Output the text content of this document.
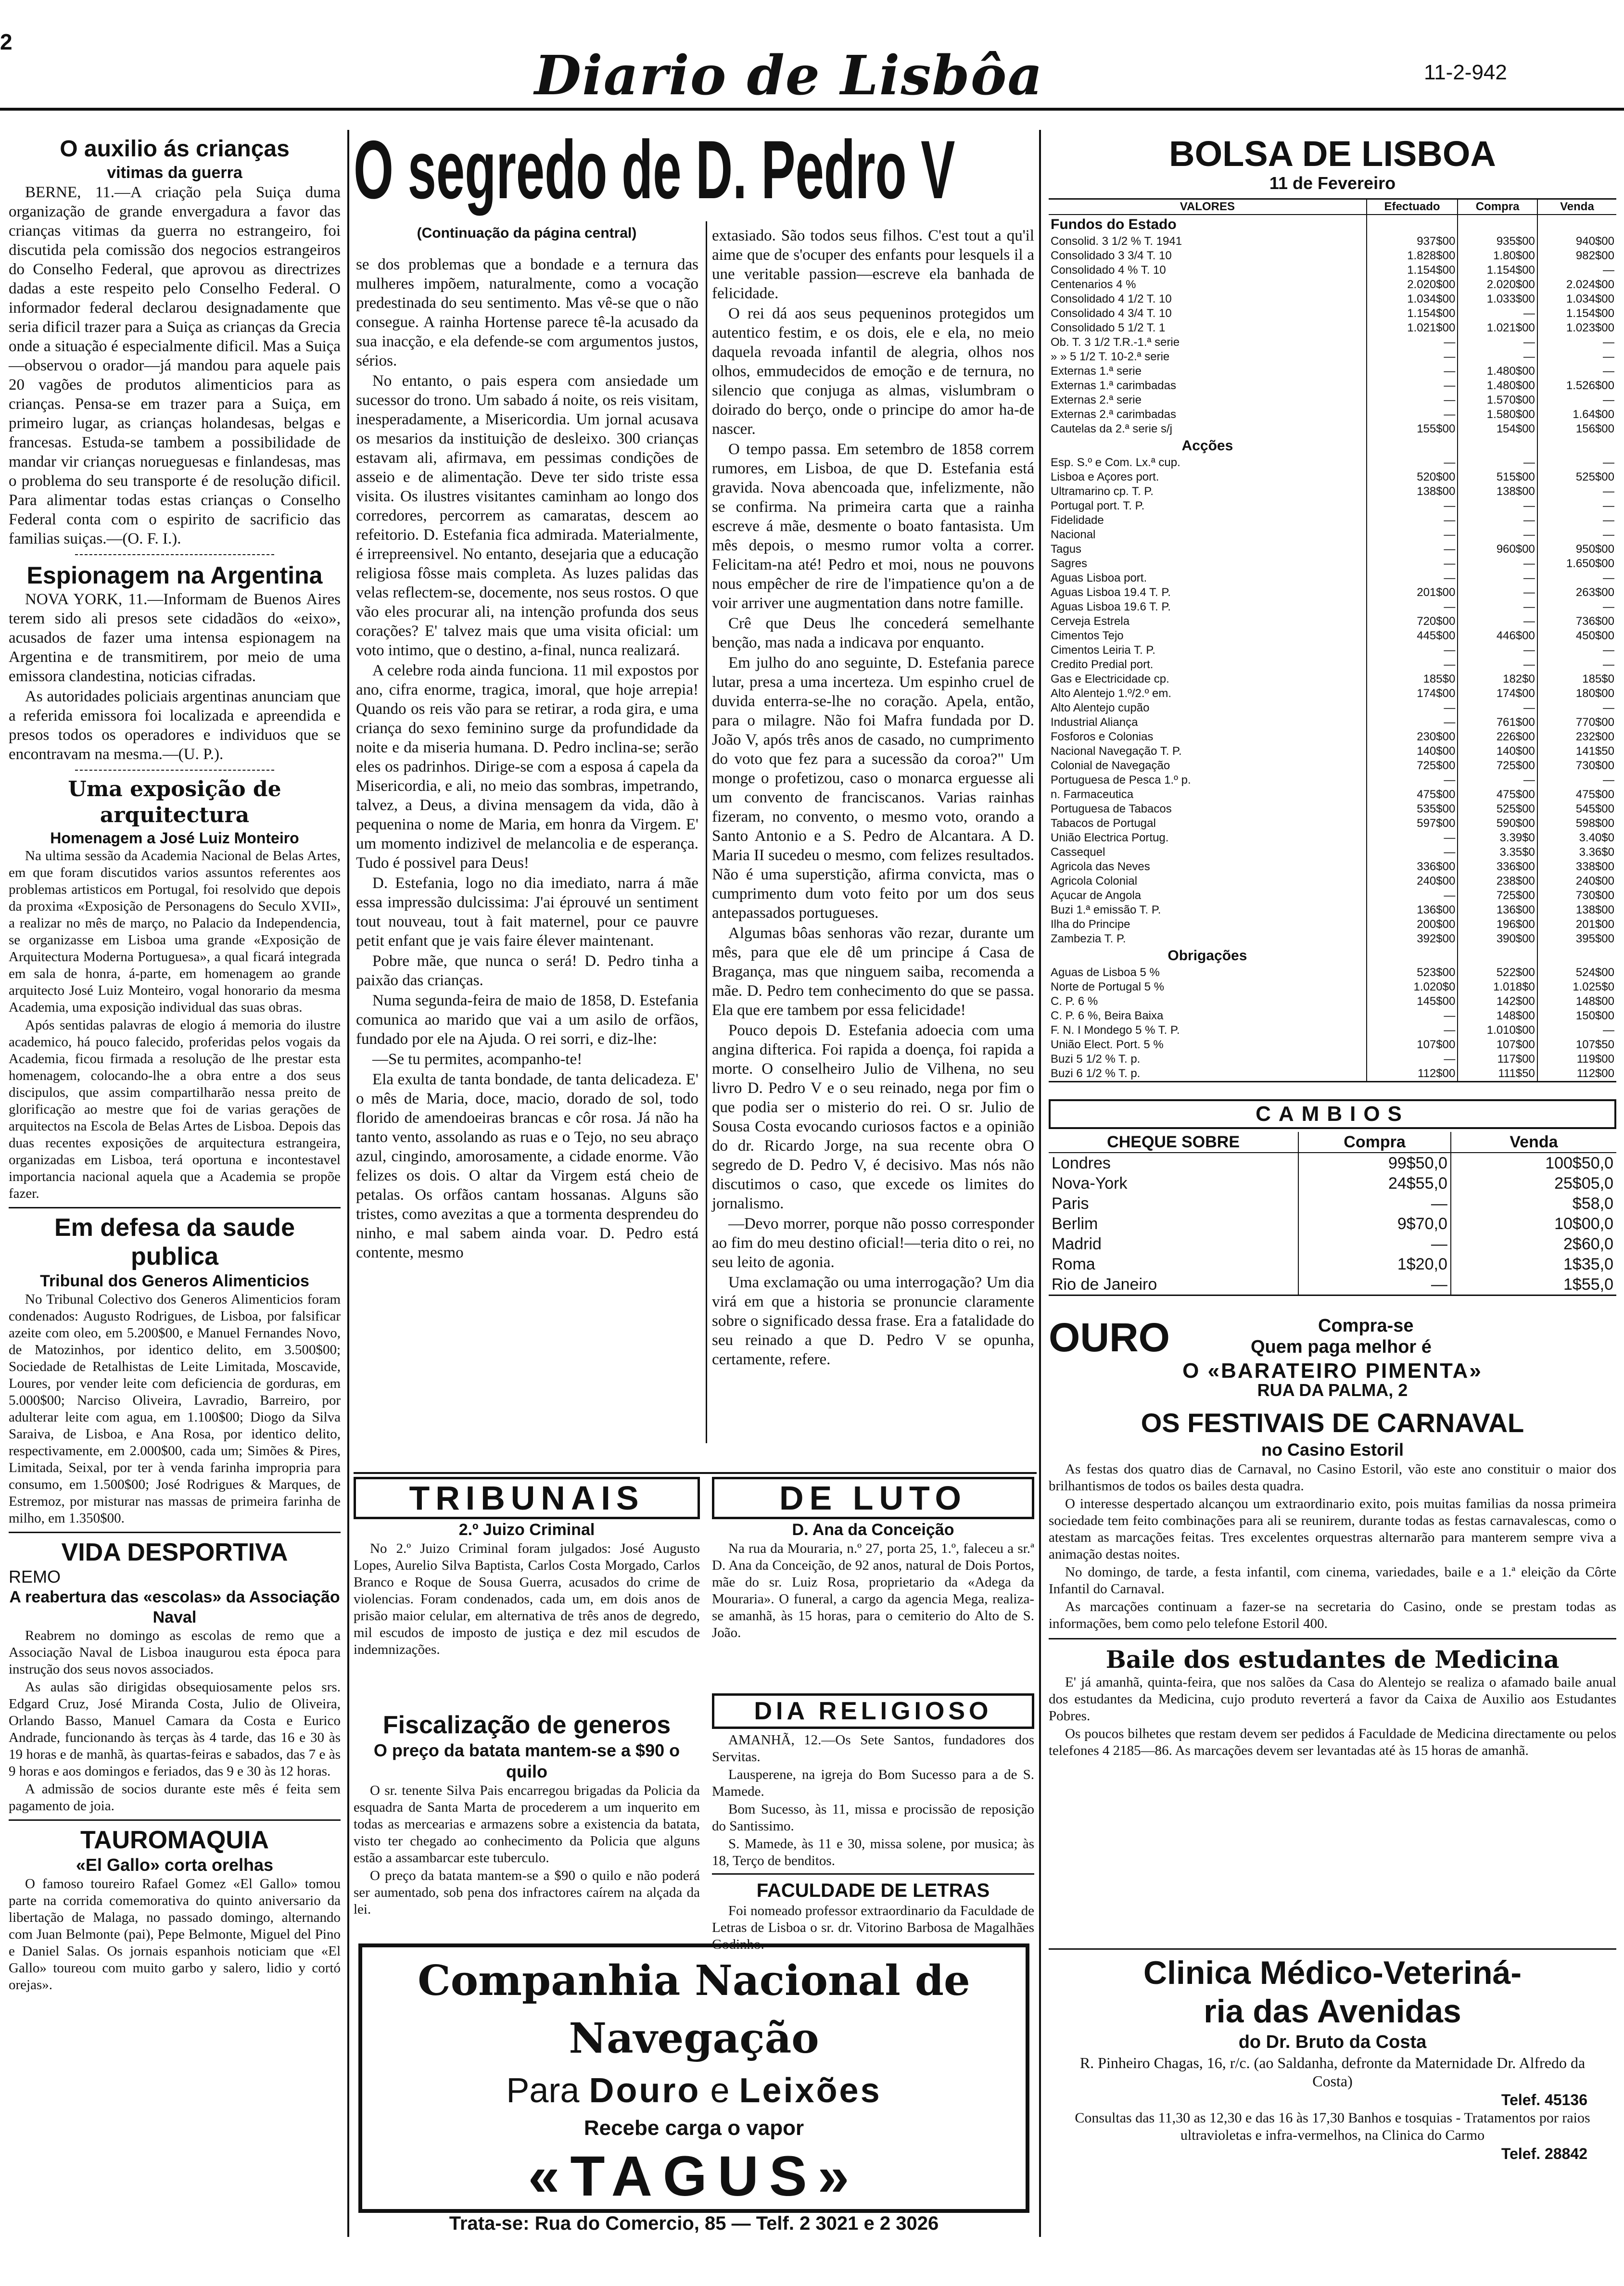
2
Diario de Lisbôa	11-2-942
O auxilio ás crianças
vitimas da guerra

BERNE, 11.—A criação pela Suiça duma organização de grande envergadura a favor das crianças vitimas da guerra no estrangeiro, foi discutida pela comissão dos negocios estrangeiros do Conselho Federal, que aprovou as directrizes dadas a este respeito pelo Conselho Federal. O informador federal declarou designadamente que seria dificil trazer para a Suiça as crianças da Grecia onde a situação é especialmente dificil. Mas a Suiça—observou o orador—já mandou para aquele pais 20 vagões de produtos alimenticios para as crianças. Pensa-se em trazer para a Suiça, em primeiro lugar, as crianças holandesas, belgas e francesas. Estuda-se tambem a possibilidade de mandar vir crianças norueguesas e finlandesas, mas o problema do seu transporte é de resolução dificil. Para alimentar todas estas crianças o Conselho Federal conta com o espirito de sacrificio das familias suiças.—(O. F. I.).

Espionagem na Argentina

NOVA YORK, 11.—Informam de Buenos Aires terem sido ali presos sete cidadãos do «eixo», acusados de fazer uma intensa espionagem na Argentina e de transmitirem, por meio de uma emissora clandestina, noticias cifradas.

As autoridades policiais argentinas anunciam que a referida emissora foi localizada e apreendida e presos todos os operadores e individuos que se encontravam na mesma.—(U. P.).

Uma exposição de arquitectura
Homenagem a José Luiz Monteiro

Na ultima sessão da Academia Nacional de Belas Artes, em que foram discutidos varios assuntos referentes aos problemas artisticos em Portugal, foi resolvido que depois da proxima «Exposição de Personagens do Seculo XVII», a realizar no mês de março, no Palacio da Independencia, se organizasse em Lisboa uma grande «Exposição de Arquitectura Moderna Portuguesa», a qual ficará integrada em sala de honra, á-parte, em homenagem ao grande arquitecto José Luiz Monteiro, vogal honorario da mesma Academia, uma exposição individual das suas obras.

Após sentidas palavras de elogio á memoria do ilustre academico, há pouco falecido, proferidas pelos vogais da Academia, ficou firmada a resolução de lhe prestar esta homenagem, colocando-lhe a obra entre a dos seus discipulos, que assim compartilharão nessa preito de glorificação ao mestre que foi de varias gerações de arquitectos na Escola de Belas Artes de Lisboa. Depois das duas recentes exposições de arquitectura estrangeira, organizadas em Lisboa, terá oportuna e incontestavel importancia nacional aquela que a Academia se propõe fazer.

Em defesa da saude publica
Tribunal dos Generos Alimenticios

No Tribunal Colectivo dos Generos Alimenticios foram condenados: Augusto Rodrigues, de Lisboa, por falsificar azeite com oleo, em 5.200$00, e Manuel Fernandes Novo, de Matozinhos, por identico delito, em 3.500$00; Sociedade de Retalhistas de Leite Limitada, Moscavide, Loures, por vender leite com deficiencia de gorduras, em 5.000$00; Narciso Oliveira, Lavradio, Barreiro, por adulterar leite com agua, em 1.100$00; Diogo da Silva Saraiva, de Lisboa, e Ana Rosa, por identico delito, respectivamente, em 2.000$00, cada um; Simões & Pires, Limitada, Seixal, por ter à venda farinha impropria para consumo, em 1.500$00; José Rodrigues & Marques, de Estremoz, por misturar nas massas de primeira farinha de milho, em 1.350$00.

VIDA DESPORTIVA
REMO
A reabertura das «escolas» da Associação Naval

Reabrem no domingo as escolas de remo que a Associação Naval de Lisboa inaugurou esta época para instrução dos seus novos associados.

As aulas são dirigidas obsequiosamente pelos srs. Edgard Cruz, José Miranda Costa, Julio de Oliveira, Orlando Basso, Manuel Camara da Costa e Eurico Andrade, funcionando às terças às 4 tarde, das 16 e 30 às 19 horas e de manhã, às quartas-feiras e sabados, das 7 e às 9 horas e aos domingos e feriados, das 9 e 30 às 12 horas.

A admissão de socios durante este mês é feita sem pagamento de joia.

TAUROMAQUIA
«El Gallo» corta orelhas

O famoso toureiro Rafael Gomez «El Gallo» tomou parte na corrida comemorativa do quinto aniversario da libertação de Malaga, no passado domingo, alternando com Juan Belmonte (pai), Pepe Belmonte, Miguel del Pino e Daniel Salas. Os jornais espanhois noticiam que «El Gallo» toureou com muito garbo y salero, lidio y cortó orejas».

O segredo de D. Pedro V
(Continuação da página central)

se dos problemas que a bondade e a ternura das mulheres impõem, naturalmente, como a vocação predestinada do seu sentimento. Mas vê-se que o não consegue. A rainha Hortense parece tê-la acusado da sua inacção, e ela defende-se com argumentos justos, sérios.

No entanto, o pais espera com ansiedade um sucessor do trono. Um sabado á noite, os reis visitam, inesperadamente, a Misericordia. Um jornal acusava os mesarios da instituição de desleixo. 300 crianças estavam ali, afirmava, em pessimas condições de asseio e de alimentação. Deve ter sido triste essa visita. Os ilustres visitantes caminham ao longo dos corredores, percorrem as camaratas, descem ao refeitorio. D. Estefania fica admirada. Materialmente, é irrepreensivel. No entanto, desejaria que a educação religiosa fôsse mais completa. As luzes palidas das velas reflectem-se, docemente, nos seus rostos. O que vão eles procurar ali, na intenção profunda dos seus corações? E' talvez mais que uma visita oficial: um voto intimo, que o destino, a-final, nunca realizará.

A celebre roda ainda funciona. 11 mil expostos por ano, cifra enorme, tragica, imoral, que hoje arrepia! Quando os reis vão para se retirar, a roda gira, e uma criança do sexo feminino surge da profundidade da noite e da miseria humana. D. Pedro inclina-se; serão eles os padrinhos. Dirige-se com a esposa á capela da Misericordia, e ali, no meio das sombras, impetrando, talvez, a Deus, a divina mensagem da vida, dão à pequenina o nome de Maria, em honra da Virgem. E' um momento indizivel de melancolia e de esperança. Tudo é possivel para Deus!

D. Estefania, logo no dia imediato, narra á mãe essa impressão dulcissima: J'ai éprouvé un sentiment tout nouveau, tout à fait maternel, pour ce pauvre petit enfant que je vais faire élever maintenant.

Pobre mãe, que nunca o será! D. Pedro tinha a paixão das crianças.

Numa segunda-feira de maio de 1858, D. Estefania comunica ao marido que vai a um asilo de orfãos, fundado por ele na Ajuda. O rei sorri, e diz-lhe:

—Se tu permites, acompanho-te!

Ela exulta de tanta bondade, de tanta delicadeza. E' o mês de Maria, doce, macio, dorado de sol, todo florido de amendoeiras brancas e côr rosa. Já não ha tanto vento, assolando as ruas e o Tejo, no seu abraço azul, cingindo, amorosamente, a cidade enorme. Vão felizes os dois. O altar da Virgem está cheio de petalas. Os orfãos cantam hossanas. Alguns são tristes, como avezitas a que a tormenta desprendeu do ninho, e mal sabem ainda voar. D. Pedro está contente, mesmo

extasiado. São todos seus filhos. C'est tout a qu'il aime que de s'ocuper des enfants pour lesquels il a une veritable passion—escreve ela banhada de felicidade.

O rei dá aos seus pequeninos protegidos um autentico festim, e os dois, ele e ela, no meio daquela revoada infantil de alegria, olhos nos olhos, emmudecidos de emoção e de ternura, no silencio que conjuga as almas, vislumbram o doirado do berço, onde o principe do amor ha-de nascer.

O tempo passa. Em setembro de 1858 correm rumores, em Lisboa, de que D. Estefania está gravida. Nova abencoada que, infelizmente, não se confirma. Na primeira carta que a rainha escreve á mãe, desmente o boato fantasista. Um mês depois, o mesmo rumor volta a correr. Felicitam-na até! Pedro et moi, nous ne pouvons nous empêcher de rire de l'impatience qu'on a de voir arriver une augmentation dans notre famille.

Crê que Deus lhe concederá semelhante benção, mas nada a indicava por enquanto.

Em julho do ano seguinte, D. Estefania parece lutar, presa a uma incerteza. Um espinho cruel de duvida enterra-se-lhe no coração. Apela, então, para o milagre. Não foi Mafra fundada por D. João V, após três anos de casado, no cumprimento do voto que fez para a sucessão da coroa?" Um monge o profetizou, caso o monarca erguesse ali um convento de franciscanos. Varias rainhas fizeram, no convento, o mesmo voto, orando a Santo Antonio e a S. Pedro de Alcantara. A D. Maria II sucedeu o mesmo, com felizes resultados. Não é uma superstição, afirma convicta, mas o cumprimento dum voto feito por um dos seus antepassados portugueses.

Algumas bôas senhoras vão rezar, durante um mês, para que ele dê um principe á Casa de Bragança, mas que ninguem saiba, recomenda a mãe. D. Pedro tem conhecimento do que se passa. Ela que ere tambem por essa felicidade!

Pouco depois D. Estefania adoecia com uma angina difterica. Foi rapida a doença, foi rapida a morte. O conselheiro Julio de Vilhena, no seu livro D. Pedro V e o seu reinado, nega por fim o que podia ser o misterio do rei. O sr. Julio de Sousa Costa evocando curiosos factos e a opinião do dr. Ricardo Jorge, na sua recente obra O segredo de D. Pedro V, é decisivo. Mas nós não discutimos o caso, que excede os limites do jornalismo.

—Devo morrer, porque não posso corresponder ao fim do meu destino oficial!—teria dito o rei, no seu leito de agonia.

Uma exclamação ou uma interrogação? Um dia virá em que a historia se pronuncie claramente sobre o significado dessa frase. Era a fatalidade do seu reinado a que D. Pedro V se opunha, certamente, refere.

TRIBUNAIS
2.º Juizo Criminal

No 2.º Juizo Criminal foram julgados: José Augusto Lopes, Aurelio Silva Baptista, Carlos Costa Morgado, Carlos Branco e Roque de Sousa Guerra, acusados do crime de violencias. Foram condenados, cada um, em dois anos de prisão maior celular, em alternativa de três anos de degredo, mil escudos de imposto de justiça e dez mil escudos de indemnizações.

DE LUTO
D. Ana da Conceição

Na rua da Mouraria, n.º 27, porta 25, 1.º, faleceu a sr.ª D. Ana da Conceição, de 92 anos, natural de Dois Portos, mãe do sr. Luiz Rosa, proprietario da «Adega da Mouraria». O funeral, a cargo da agencia Mega, realiza-se amanhã, às 15 horas, para o cemiterio do Alto de S. João.

Fiscalização de generos
O preço da batata mantem-se a $90 o quilo

O sr. tenente Silva Pais encarregou brigadas da Policia da esquadra de Santa Marta de procederem a um inquerito em todas as mercearias e armazens sobre a existencia da batata, visto ter chegado ao conhecimento da Policia que alguns estão a assambarcar este tuberculo.

O preço da batata mantem-se a $90 o quilo e não poderá ser aumentado, sob pena dos infractores caírem na alçada da lei.

DIA RELIGIOSO

AMANHÃ, 12.—Os Sete Santos, fundadores dos Servitas.

Lausperene, na igreja do Bom Sucesso para a de S. Mamede.

Bom Sucesso, às 11, missa e procissão de reposição do Santissimo.

S. Mamede, às 11 e 30, missa solene, por musica; às 18, Terço de benditos.

FACULDADE DE LETRAS

Foi nomeado professor extraordinario da Faculdade de Letras de Lisboa o sr. dr. Vitorino Barbosa de Magalhães Godinho.

Companhia Nacional de Navegação
Para Douro e Leixões
Recebe carga o vapor
«TAGUS»
Trata-se: Rua do Comercio, 85 — Telf. 2 3021 e 2 3026
BOLSA DE LISBOA
11 de Fevereiro
VALORES	Efectuado	Compra	Venda
Fundos do Estado			
Consolid. 3 1/2 % T. 1941	937$00	935$00	940$00
Consolidado 3 3/4 T. 10	1.828$00	1.80$00	982$00
Consolidado 4 % T. 10	1.154$00	1.154$00	—
Centenarios 4 %	2.020$00	2.020$00	2.024$00
Consolidado 4 1/2 T. 10	1.034$00	1.033$00	1.034$00
Consolidado 4 3/4 T. 10	1.154$00	—	1.154$00
Consolidado 5 1/2 T. 1	1.021$00	1.021$00	1.023$00
Ob. T. 3 1/2 T.R.-1.ª serie	—	—	—
» » 5 1/2 T. 10-2.ª serie	—	—	—
Externas 1.ª serie	—	1.480$00	—
Externas 1.ª carimbadas	—	1.480$00	1.526$00
Externas 2.ª serie	—	1.570$00	—
Externas 2.ª carimbadas	—	1.580$00	1.64$00
Cautelas da 2.ª serie s/j	155$00	154$00	156$00
Acções			
Esp. S.º e Com. Lx.ª cup.	—	—	—
Lisboa e Açores port.	520$00	515$00	525$00
Ultramarino cp. T. P.	138$00	138$00	—
Portugal port. T. P.	—	—	—
Fidelidade	—	—	—
Nacional	—	—	—
Tagus	—	960$00	950$00
Sagres	—	—	1.650$00
Aguas Lisboa port.	—	—	—
Aguas Lisboa 19.4 T. P.	201$00	—	263$00
Aguas Lisboa 19.6 T. P.	—	—	—
Cerveja Estrela	720$00	—	736$00
Cimentos Tejo	445$00	446$00	450$00
Cimentos Leiria T. P.	—	—	—
Credito Predial port.	—	—	—
Gas e Electricidade cp.	185$0	182$0	185$0
Alto Alentejo 1.º/2.º em.	174$00	174$00	180$00
Alto Alentejo cupão	—	—	—
Industrial Aliança	—	761$00	770$00
Fosforos e Colonias	230$00	226$00	232$00
Nacional Navegação T. P.	140$00	140$00	141$50
Colonial de Navegação	725$00	725$00	730$00
Portuguesa de Pesca 1.º p.	—	—	—
n. Farmaceutica	475$00	475$00	475$00
Portuguesa de Tabacos	535$00	525$00	545$00
Tabacos de Portugal	597$00	590$00	598$00
União Electrica Portug.	—	3.39$0	3.40$0
Cassequel	—	3.35$0	3.36$0
Agricola das Neves	336$00	336$00	338$00
Agricola Colonial	240$00	238$00	240$00
Açucar de Angola	—	725$00	730$00
Buzi 1.ª emissão T. P.	136$00	136$00	138$00
Ilha do Principe	200$00	196$00	201$00
Zambezia T. P.	392$00	390$00	395$00
Obrigações			
Aguas de Lisboa 5 %	523$00	522$00	524$00
Norte de Portugal 5 %	1.020$0	1.018$0	1.025$0
C. P. 6 %	145$00	142$00	148$00
C. P. 6 %, Beira Baixa	—	148$00	150$00
F. N. I Mondego 5 % T. P.	—	1.010$00	—
União Elect. Port. 5 %	107$00	107$00	107$50
Buzi 5 1/2 % T. p.	—	117$00	119$00
Buzi 6 1/2 % T. p.	112$00	111$50	112$00
CAMBIOS
CHEQUE SOBRE	Compra	Venda
Londres	99$50,0	100$50,0
Nova-York	24$55,0	25$05,0
Paris	—	$58,0
Berlim	9$70,0	10$00,0
Madrid	—	2$60,0
Roma	1$20,0	1$35,0
Rio de Janeiro	—	1$55,0
OURO	Compra-se
Quem paga melhor é
O «BARATEIRO PIMENTA»
RUA DA PALMA, 2
OS FESTIVAIS DE CARNAVAL
no Casino Estoril

As festas dos quatro dias de Carnaval, no Casino Estoril, vão este ano constituir o maior dos brilhantismos de todos os bailes desta quadra.

O interesse despertado alcançou um extraordinario exito, pois muitas familias da nossa primeira sociedade tem feito combinações para ali se reunirem, durante todas as festas carnavalescas, como o atestam as marcações feitas. Tres excelentes orquestras alternarão para manterem sempre viva a animação destas noites.

No domingo, de tarde, a festa infantil, com cinema, variedades, baile e a 1.ª eleição da Côrte Infantil do Carnaval.

As marcações continuam a fazer-se na secretaria do Casino, onde se prestam todas as informações, bem como pelo telefone Estoril 400.

Baile dos estudantes de Medicina

E' já amanhã, quinta-feira, que nos salões da Casa do Alentejo se realiza o afamado baile anual dos estudantes da Medicina, cujo produto reverterá a favor da Caixa de Auxilio aos Estudantes Pobres.

Os poucos bilhetes que restam devem ser pedidos á Faculdade de Medicina directamente ou pelos telefones 4 2185—86. As marcações devem ser levantadas até às 15 horas de amanhã.

Clinica Médico-Veteriná-
ria das Avenidas
do Dr. Bruto da Costa
R. Pinheiro Chagas, 16, r/c. (ao Saldanha, defronte da Maternidade Dr. Alfredo da Costa)
Telef. 45136
Consultas das 11,30 as 12,30 e das 16 às 17,30 Banhos e tosquias - Tratamentos por raios ultravioletas e infra-vermelhos, na Clinica do Carmo
Telef. 28842
